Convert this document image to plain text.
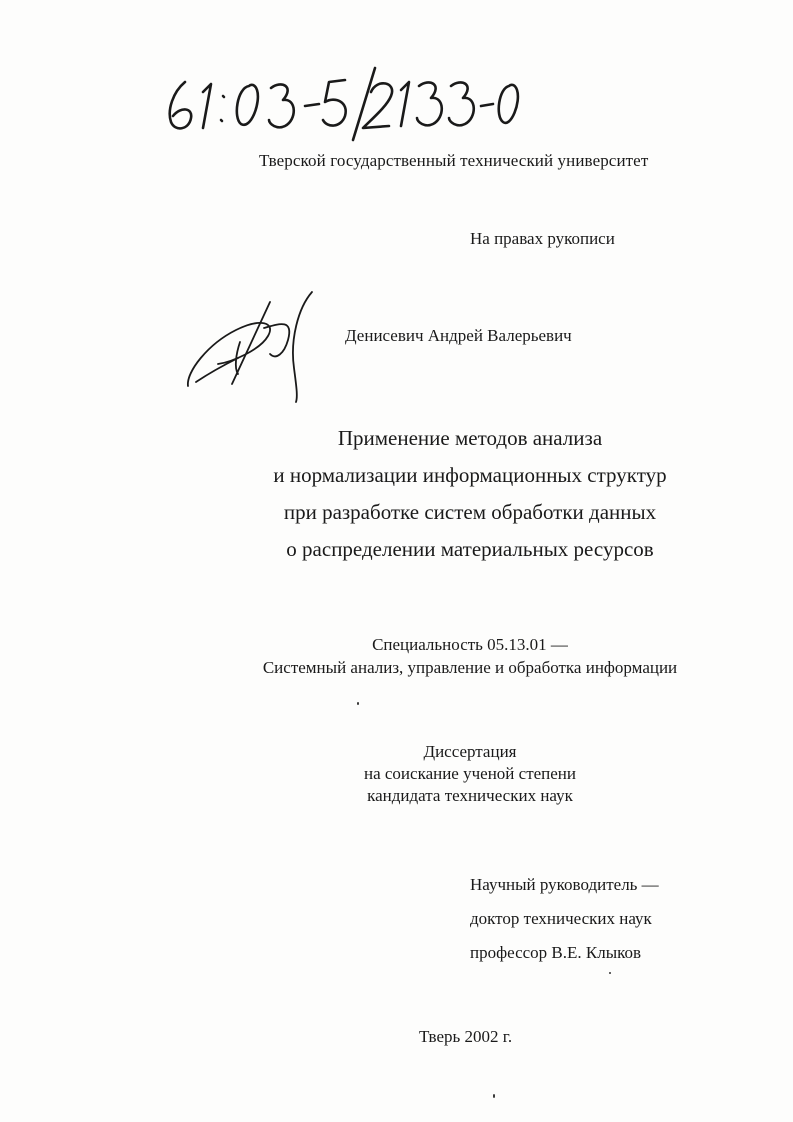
Тверской государственный технический университет
На правах рукописи
Денисевич Андрей Валерьевич
Применение методов анализа
и нормализации информационных структур
при разработке систем обработки данных
о распределении материальных ресурсов
Специальность 05.13.01 —
Системный анализ, управление и обработка информации
Диссертация
на соискание ученой степени
кандидата технических наук
Научный руководитель —
доктор технических наук
профессор В.Е. Клыков
Тверь 2002 г.
